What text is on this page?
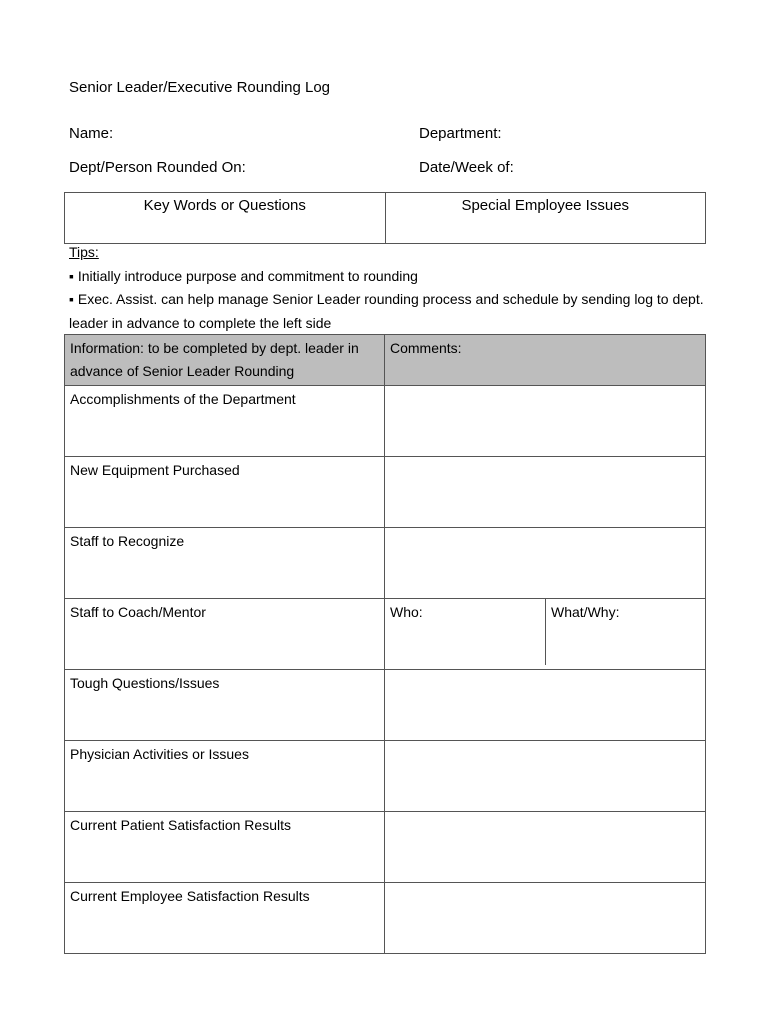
Senior Leader/Executive Rounding Log
Name:	Department:
Dept/Person Rounded On:	Date/Week of:
Key Words or Questions	Special Employee Issues
Tips:
▪ Initially introduce purpose and commitment to rounding
▪ Exec. Assist. can help manage Senior Leader rounding process and schedule by sending log to dept. leader in advance to complete the left side
Information: to be completed by dept. leader in advance of Senior Leader Rounding	Comments:
Accomplishments of the Department	
New Equipment Purchased	
Staff to Recognize	
Staff to Coach/Mentor	Who: What/Why:

Tough Questions/Issues	
Physician Activities or Issues	
Current Patient Satisfaction Results	
Current Employee Satisfaction Results	
